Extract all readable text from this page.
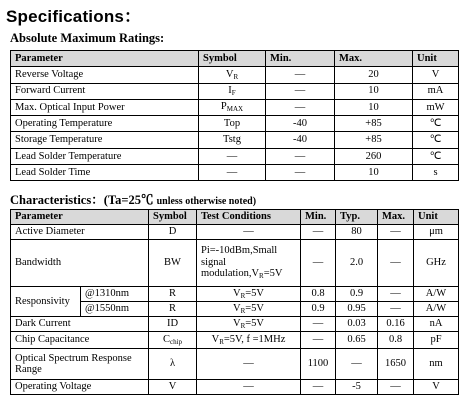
Specifications：
Absolute Maximum Ratings:
Parameter	Symbol	Min.	Max.	Unit
Reverse Voltage	$V_R$	—	20	V
Forward Current	$I_F$	—	10	mA
Max. Optical Input Power	$P_{MAX}$	—	10	mW
Operating Temperature	Top	-40	+85	℃
Storage Temperature	Tstg	-40	+85	℃
Lead Solder Temperature	—	—	260	℃
Lead Solder Time	—	—	10	s
Characteristics：(Ta=25℃ unless otherwise noted)
Parameter		Symbol	Test Conditions	Min.	Typ.	Max.	Unit
Active Diameter		D	—	—	80	—	μm
Bandwidth		BW	Pi=-10dBm,Small signal $modulation,V_R=5V$	—	2.0	—	GHz
Responsivity	@1310nm	R	$V_R=5V$	0.8	0.9	—	A/W
	@1550nm	R	$V_R=5V$	0.9	0.95	—	A/W
Dark Current		ID	$V_R=5V$	—	0.03	0.16	nA
Chip Capacitance		$C_{chip}$	$V_R=5V$, f =1MHz	—	0.65	0.8	pF
Optical Spectrum Response Range		λ	—	1100	—	1650	nm
Operating Voltage		V	—	—	-5	—	V
